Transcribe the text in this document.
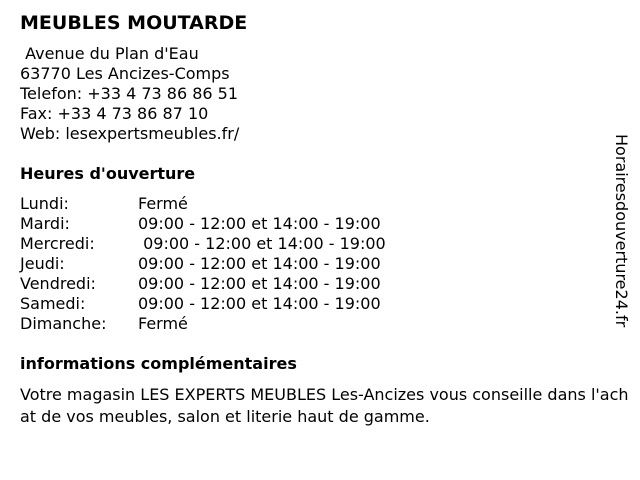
MEUBLES MOUTARDE
Avenue du Plan d'Eau
63770 Les Ancizes-Comps
Telefon: +33 4 73 86 86 51
Fax: +33 4 73 86 87 10
Web: lesexpertsmeubles.fr/
Heures d'ouverture
Lundi:	Fermé
Mardi:	09:00 - 12:00 et 14:00 - 19:00
Mercredi:	09:00 - 12:00 et 14:00 - 19:00
Jeudi:	09:00 - 12:00 et 14:00 - 19:00
Vendredi:	09:00 - 12:00 et 14:00 - 19:00
Samedi:	09:00 - 12:00 et 14:00 - 19:00
Dimanche:	Fermé
informations complémentaires
Votre magasin LES EXPERTS MEUBLES Les-Ancizes vous conseille dans l'achat de vos meubles, salon et literie haut de gamme.
Horairesdouverture24.fr
